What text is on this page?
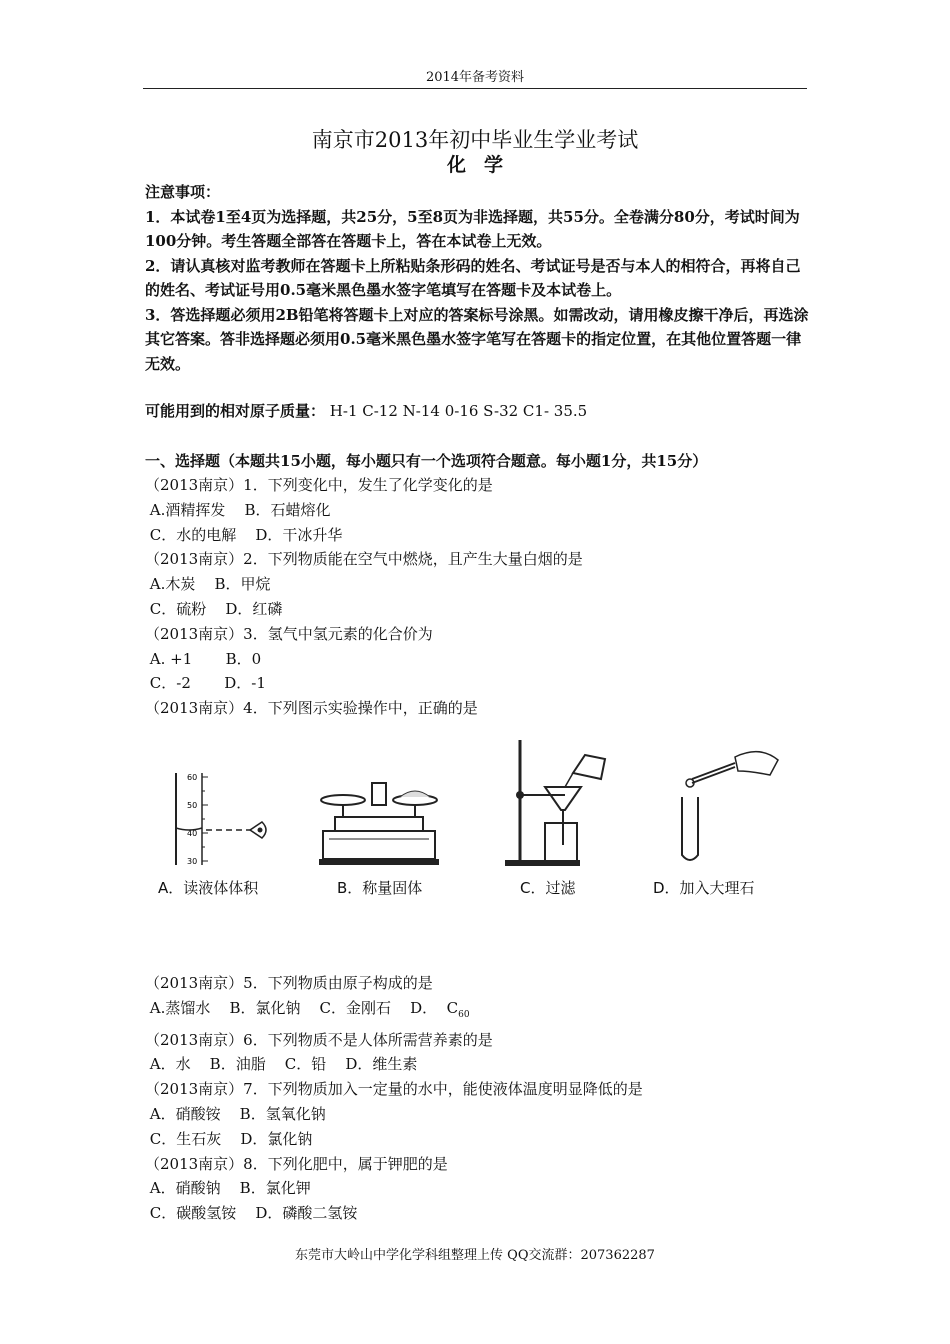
2014年备考资料
南京市2013年初中毕业生学业考试
化学

注意事项：

1．本试卷1至4页为选择题，共25分，5至8页为非选择题，共55分。全卷满分80分，考试时间为100分钟。考生答题全部答在答题卡上，答在本试卷上无效。

2．请认真核对监考教师在答题卡上所粘贴条形码的姓名、考试证号是否与本人的相符合，再将自己的姓名、考试证号用0.5毫米黑色墨水签字笔填写在答题卡及本试卷上。

3．答选择题必须用2B铅笔将答题卡上对应的答案标号涂黑。如需改动，请用橡皮擦干净后，再选涂其它答案。答非选择题必须用0.5毫米黑色墨水签字笔写在答题卡的指定位置，在其他位置答题一律无效。

可能用到的相对原子质量： H-1 C-12 N-14 0-16 S-32 C1- 35.5
一、选择题（本题共15小题，每小题只有一个选项符合题意。每小题1分，共15分）

（2013南京）1．下列变化中，发生了化学变化的是

A.酒精挥发    B．石蜡熔化

C．水的电解    D．干冰升华

（2013南京）2．下列物质能在空气中燃烧，且产生大量白烟的是

A.木炭    B．甲烷

C．硫粉    D．红磷

（2013南京）3．氢气中氢元素的化合价为

A. +1       B．0

C．-2       D．-1

（2013南京）4．下列图示实验操作中，正确的是

60
50
40
30
A．读液体体积	B．称量固体	C．过滤	D．加入大理石

（2013南京）5．下列物质由原子构成的是

A.蒸馏水    B．氯化钠    C．金刚石    D．  $C_{60}$

（2013南京）6．下列物质不是人体所需营养素的是

A．水    B．油脂    C．铅    D．维生素

（2013南京）7．下列物质加入一定量的水中，能使液体温度明显降低的是

A．硝酸铵    B．氢氧化钠

C．生石灰    D．氯化钠

（2013南京）8．下列化肥中，属于钾肥的是

A．硝酸钠    B．氯化钾

C．碳酸氢铵    D．磷酸二氢铵

东莞市大岭山中学化学科组整理上传 QQ交流群：207362287
